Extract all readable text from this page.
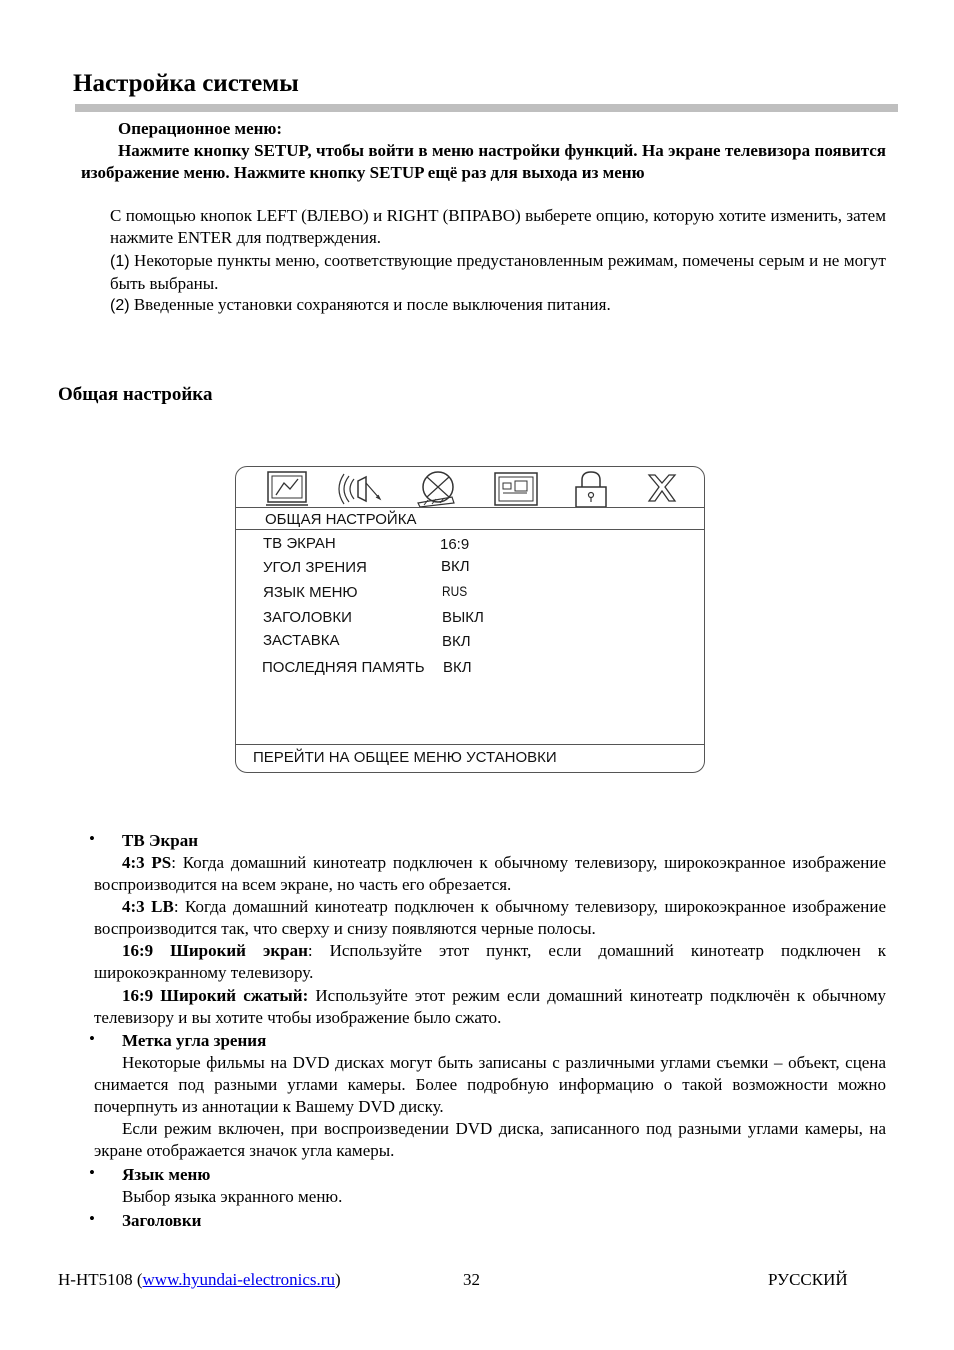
Настройка системы
Операционное меню:
Нажмите кнопку SETUP, чтобы войти в меню настройки функций. На экране телевизора появится изображение меню. Нажмите кнопку SETUP ещё раз для выхода из меню
С помощью кнопок LEFT (ВЛЕВО) и RIGHT (ВПРАВО) выберете опцию, которую хотите изменить, затем нажмите ENTER для подтверждения.
(1) Некоторые пункты меню, соответствующие предустановленным режимам, помечены серым и не могут быть выбраны.
(2) Введенные установки сохраняются и после выключения питания.
Общая настройка
ОБЩАЯ НАСТРОЙКА
ТВ ЭКРАН	16:9
УГОЛ ЗРЕНИЯ	ВКЛ
ЯЗЫК МЕНЮ	RUS
ЗАГОЛОВКИ	ВЫКЛ
ЗАСТАВКА	ВКЛ
ПОСЛЕДНЯЯ ПАМЯТЬ ВКЛ
ПЕРЕЙТИ НА ОБЩЕЕ МЕНЮ УСТАНОВКИ
• ТВ Экран
4:3 PS: Когда домашний кинотеатр подключен к обычному телевизору, широкоэкранное изображение воспроизводится на всем экране, но часть его обрезается.
4:3 LB: Когда домашний кинотеатр подключен к обычному телевизору, широкоэкранное изображение воспроизводится так, что сверху и снизу появляются черные полосы.
16:9 Широкий экран: Используйте этот пункт, если домашний кинотеатр подключен к широкоэкранному телевизору.
16:9 Широкий сжатый: Используйте этот режим если домашний кинотеатр подключён к обычному телевизору и вы хотите чтобы изображение было сжато.
• Метка угла зрения
Некоторые фильмы на DVD дисках могут быть записаны с различными углами съемки – объект, сцена снимается под разными углами камеры. Более подробную информацию о такой возможности можно почерпнуть из аннотации к Вашему DVD диску.
Если режим включен, при воспроизведении DVD диска, записанного под разными углами камеры, на экране отображается значок угла камеры.
• Язык меню
Выбор языка экранного меню.
• Заголовки
H-HT5108 (www.hyundai-electronics.ru)	32	РУССКИЙ
